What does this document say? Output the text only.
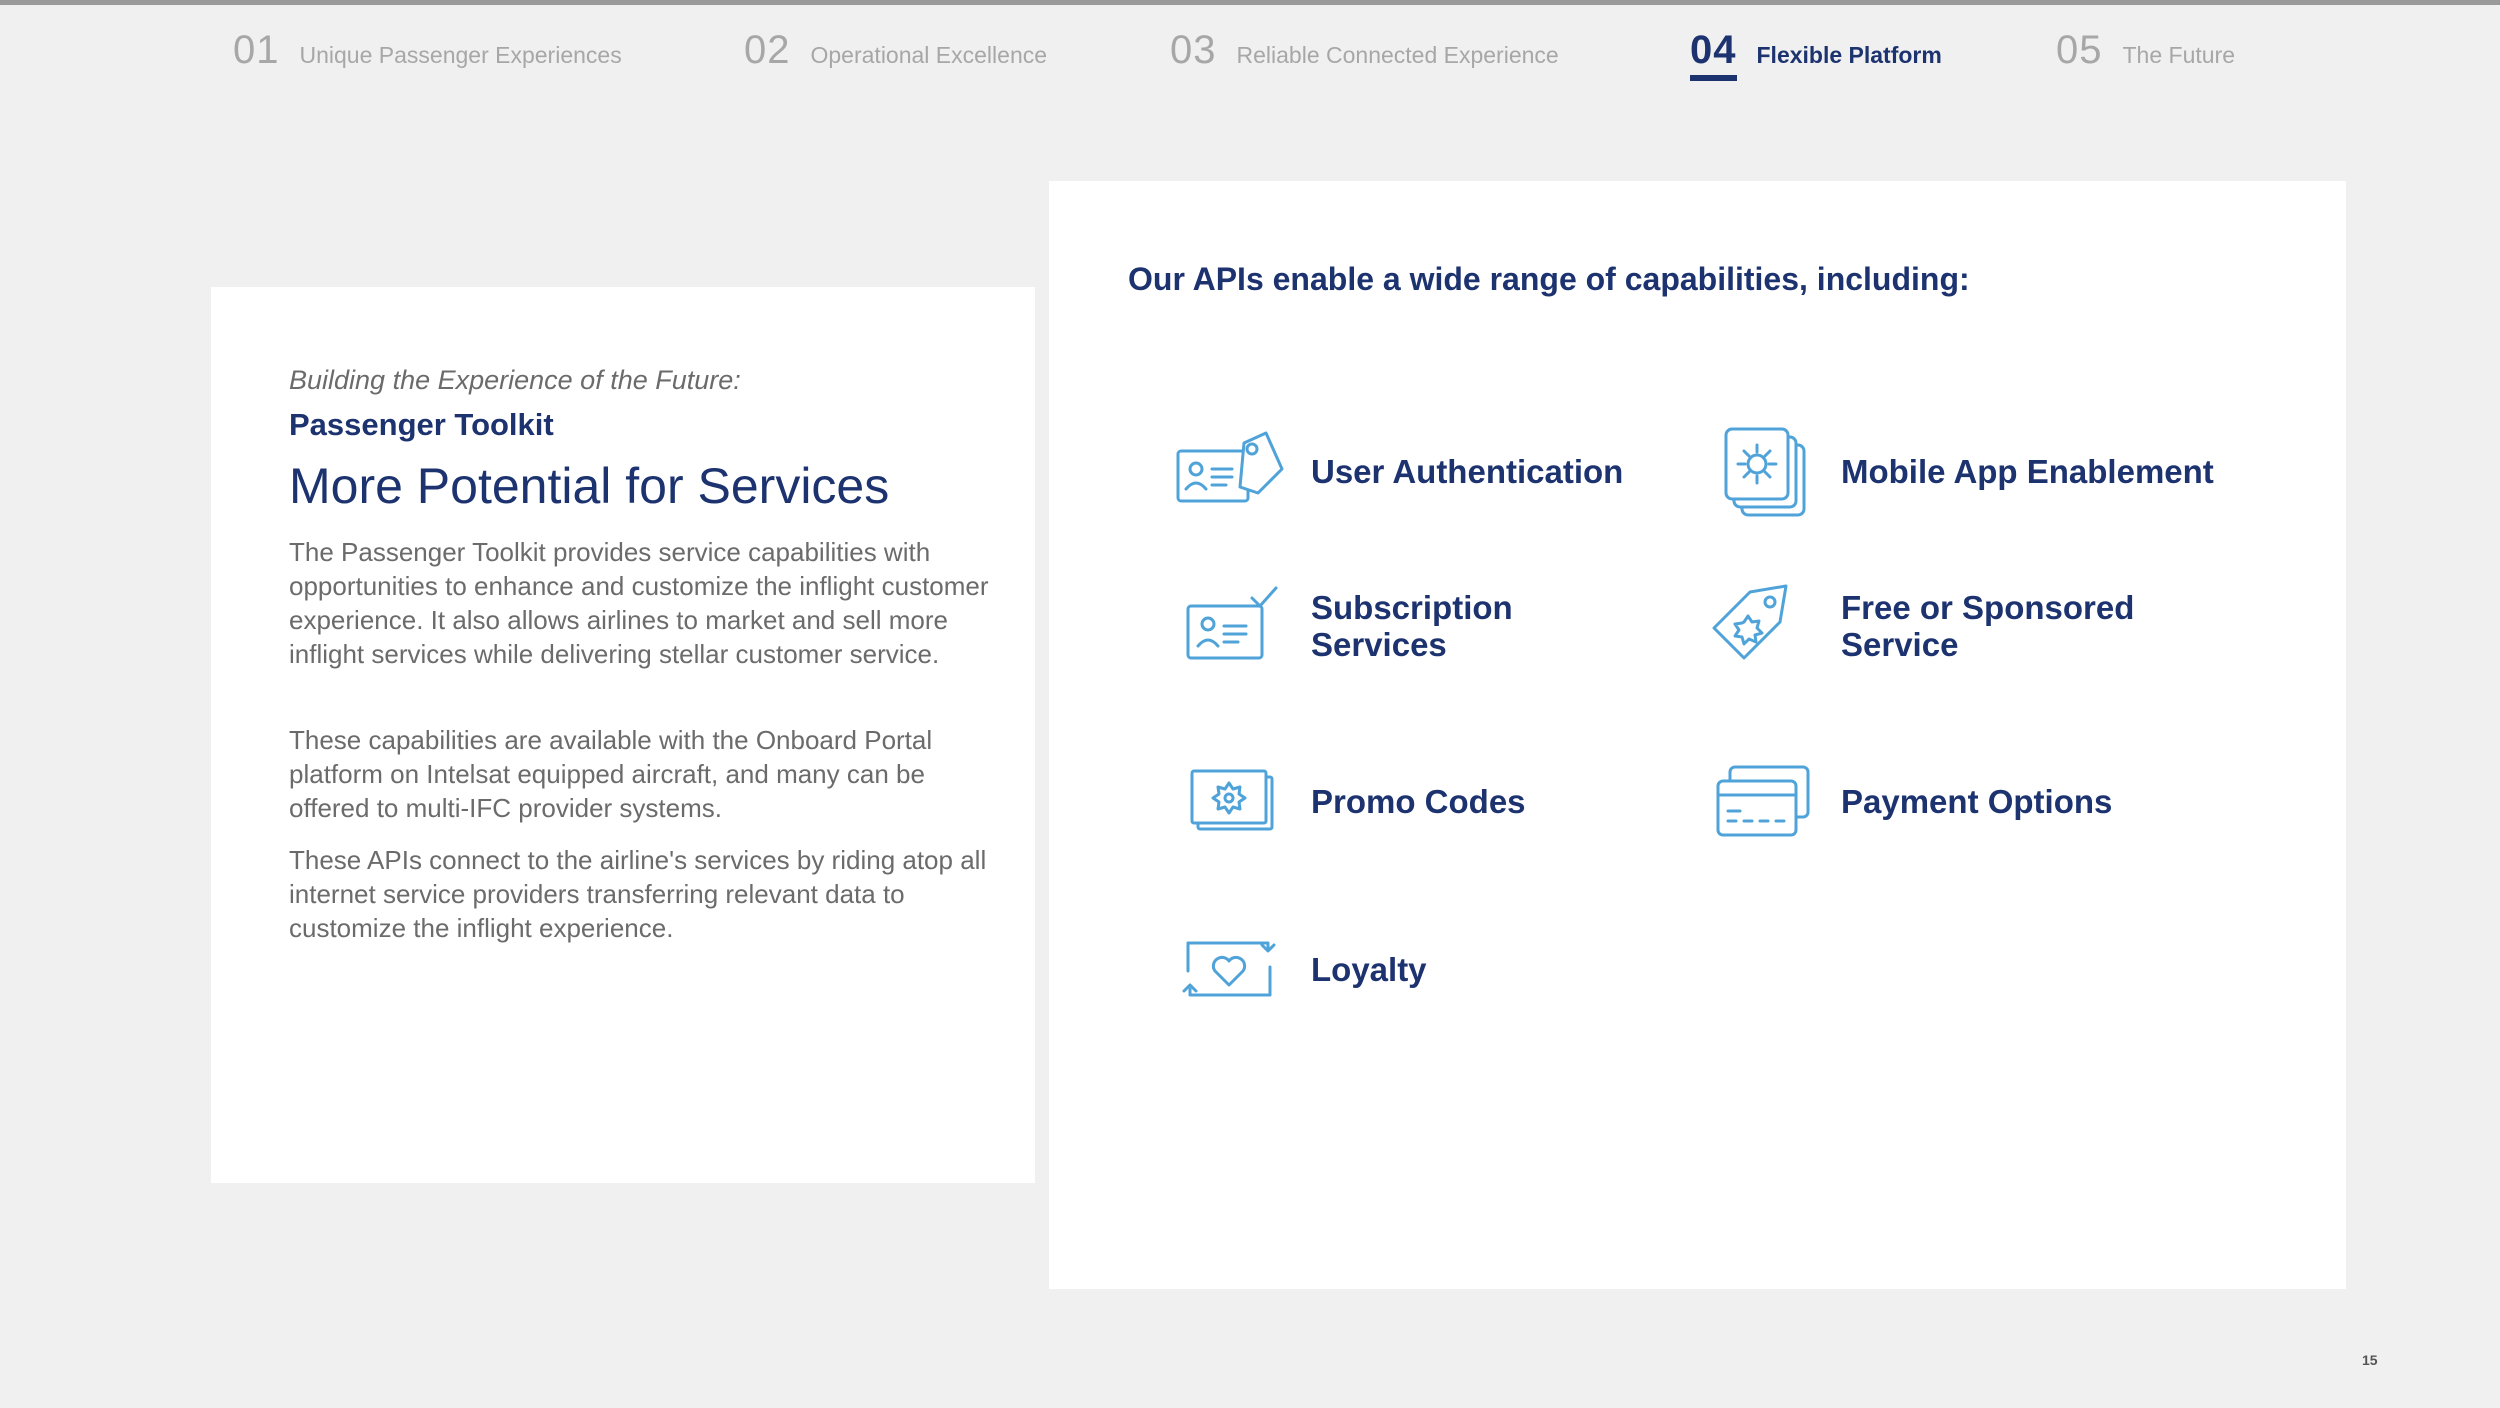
01 Unique Passenger Experiences	02 Operational Excellence	03 Reliable Connected Experience	04 Flexible Platform	05 The Future
Building the Experience of the Future:
Passenger Toolkit
More Potential for Services

The Passenger Toolkit provides service capabilities with opportunities to enhance and customize the inflight customer experience. It also allows airlines to market and sell more inflight services while delivering stellar customer service.

These capabilities are available with the Onboard Portal platform on Intelsat equipped aircraft, and many can be offered to multi-IFC provider systems.

These APIs connect to the airline's services by riding atop all internet service providers transferring relevant data to customize the inflight experience.

Our APIs enable a wide range of capabilities, including:
User Authentication	Mobile App Enablement
Subscription Services
Free or Sponsored Service
Promo Codes	Payment Options
Loyalty
15
